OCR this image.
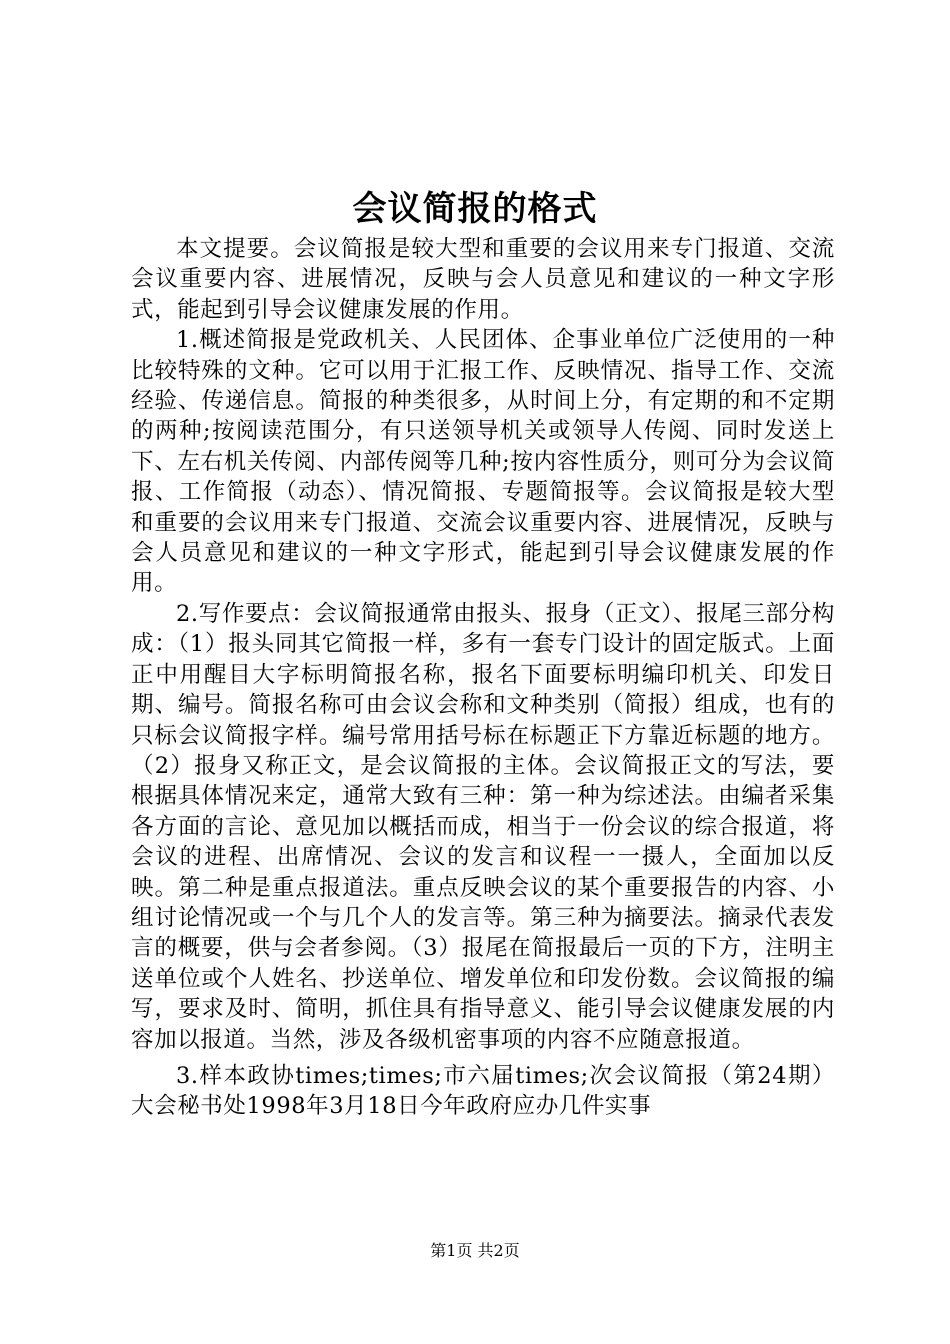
会议简报的格式

本文提要。会议简报是较大型和重要的会议用来专门报道、交流会议重要内容、进展情况，反映与会人员意见和建议的一种文字形式，能起到引导会议健康发展的作用。

1.概述简报是党政机关、人民团体、企事业单位广泛使用的一种比较特殊的文种。它可以用于汇报工作、反映情况、指导工作、交流经验、传递信息。简报的种类很多，从时间上分，有定期的和不定期的两种;按阅读范围分，有只送领导机关或领导人传阅、同时发送上下、左右机关传阅、内部传阅等几种;按内容性质分，则可分为会议简报、工作简报（动态）、情况简报、专题简报等。会议简报是较大型和重要的会议用来专门报道、交流会议重要内容、进展情况，反映与会人员意见和建议的一种文字形式，能起到引导会议健康发展的作用。

2.写作要点：会议简报通常由报头、报身（正文）、报尾三部分构成：（1）报头同其它简报一样，多有一套专门设计的固定版式。上面正中用醒目大字标明简报名称，报名下面要标明编印机关、印发日期、编号。简报名称可由会议会称和文种类别（简报）组成，也有的只标会议简报字样。编号常用括号标在标题正下方靠近标题的地方。（2）报身又称正文，是会议简报的主体。会议简报正文的写法，要根据具体情况来定，通常大致有三种：第一种为综述法。由编者采集各方面的言论、意见加以概括而成，相当于一份会议的综合报道，将会议的进程、出席情况、会议的发言和议程一一摄人，全面加以反映。第二种是重点报道法。重点反映会议的某个重要报告的内容、小组讨论情况或一个与几个人的发言等。第三种为摘要法。摘录代表发言的概要，供与会者参阅。（3）报尾在简报最后一页的下方，注明主送单位或个人姓名、抄送单位、增发单位和印发份数。会议简报的编写，要求及时、简明，抓住具有指导意义、能引导会议健康发展的内容加以报道。当然，涉及各级机密事项的内容不应随意报道。

3.样本政协times;times;市六届times;次会议简报（第24期）大会秘书处1998年3月18日今年政府应办几件实事

第1页 共2页
